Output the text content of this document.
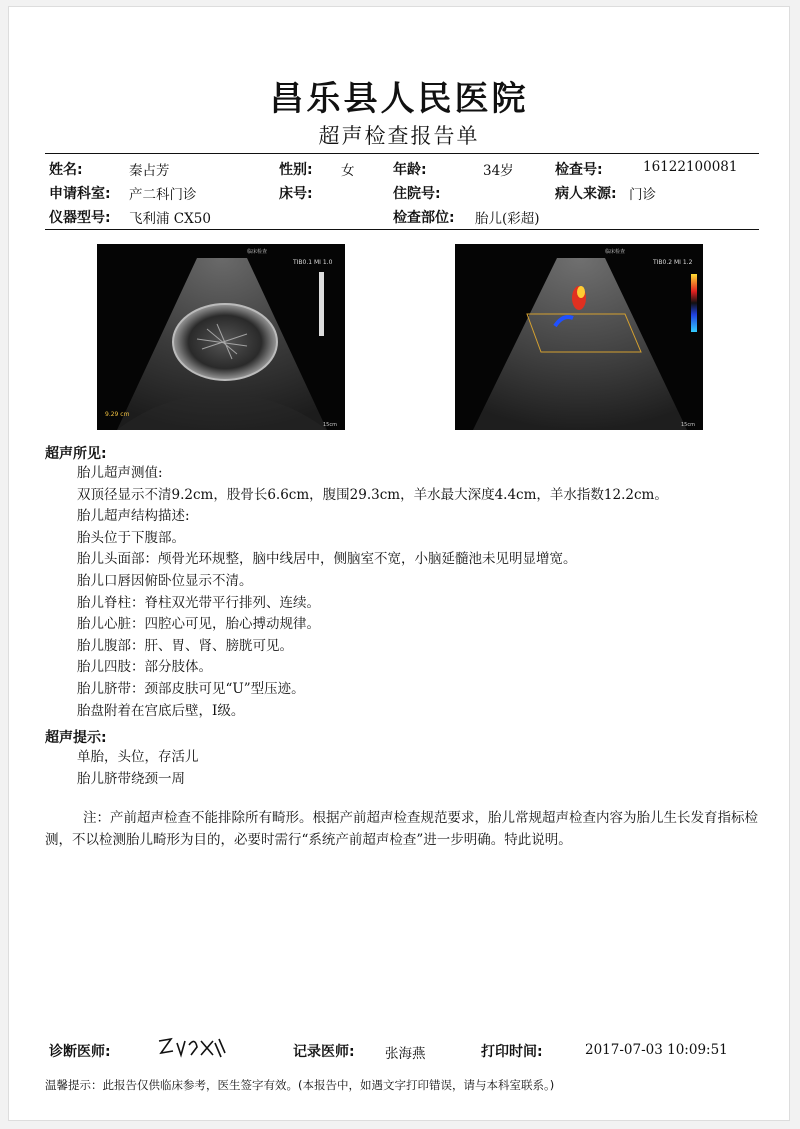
昌乐县人民医院
超声检查报告单
姓名:	秦占芳	性别: 女	年龄:	34岁	检查号:	16122100081
申请科室: 产二科门诊	床号:	住院号:	病人来源: 门诊
仪器型号: 飞利浦 CX50	检查部位: 胎儿(彩超)
临床检查
TIB0.1 MI 1.0
9.29 cm
15cm
临床检查
TIB0.2 MI 1.2
15cm
超声所见:
胎儿超声测值:
双顶径显示不清9.2cm，股骨长6.6cm，腹围29.3cm，羊水最大深度4.4cm，羊水指数12.2cm。
胎儿超声结构描述:
胎头位于下腹部。
胎儿头面部：颅骨光环规整，脑中线居中，侧脑室不宽，小脑延髓池未见明显增宽。
胎儿口唇因俯卧位显示不清。
胎儿脊柱：脊柱双光带平行排列、连续。
胎儿心脏：四腔心可见，胎心搏动规律。
胎儿腹部：肝、胃、肾、膀胱可见。
胎儿四肢：部分肢体。
胎儿脐带：颈部皮肤可见“U”型压迹。
胎盘附着在宫底后壁，Ⅰ级。
超声提示:
单胎，头位，存活儿
胎儿脐带绕颈一周
注：产前超声检查不能排除所有畸形。根据产前超声检查规范要求，胎儿常规超声检查内容为胎儿生长发育指标检测，不以检测胎儿畸形为目的，必要时需行“系统产前超声检查”进一步明确。特此说明。
诊断医师:	记录医师: 张海燕	打印时间:	2017-07-03 10:09:51
温馨提示：此报告仅供临床参考，医生签字有效。(本报告中，如遇文字打印错误，请与本科室联系。)
